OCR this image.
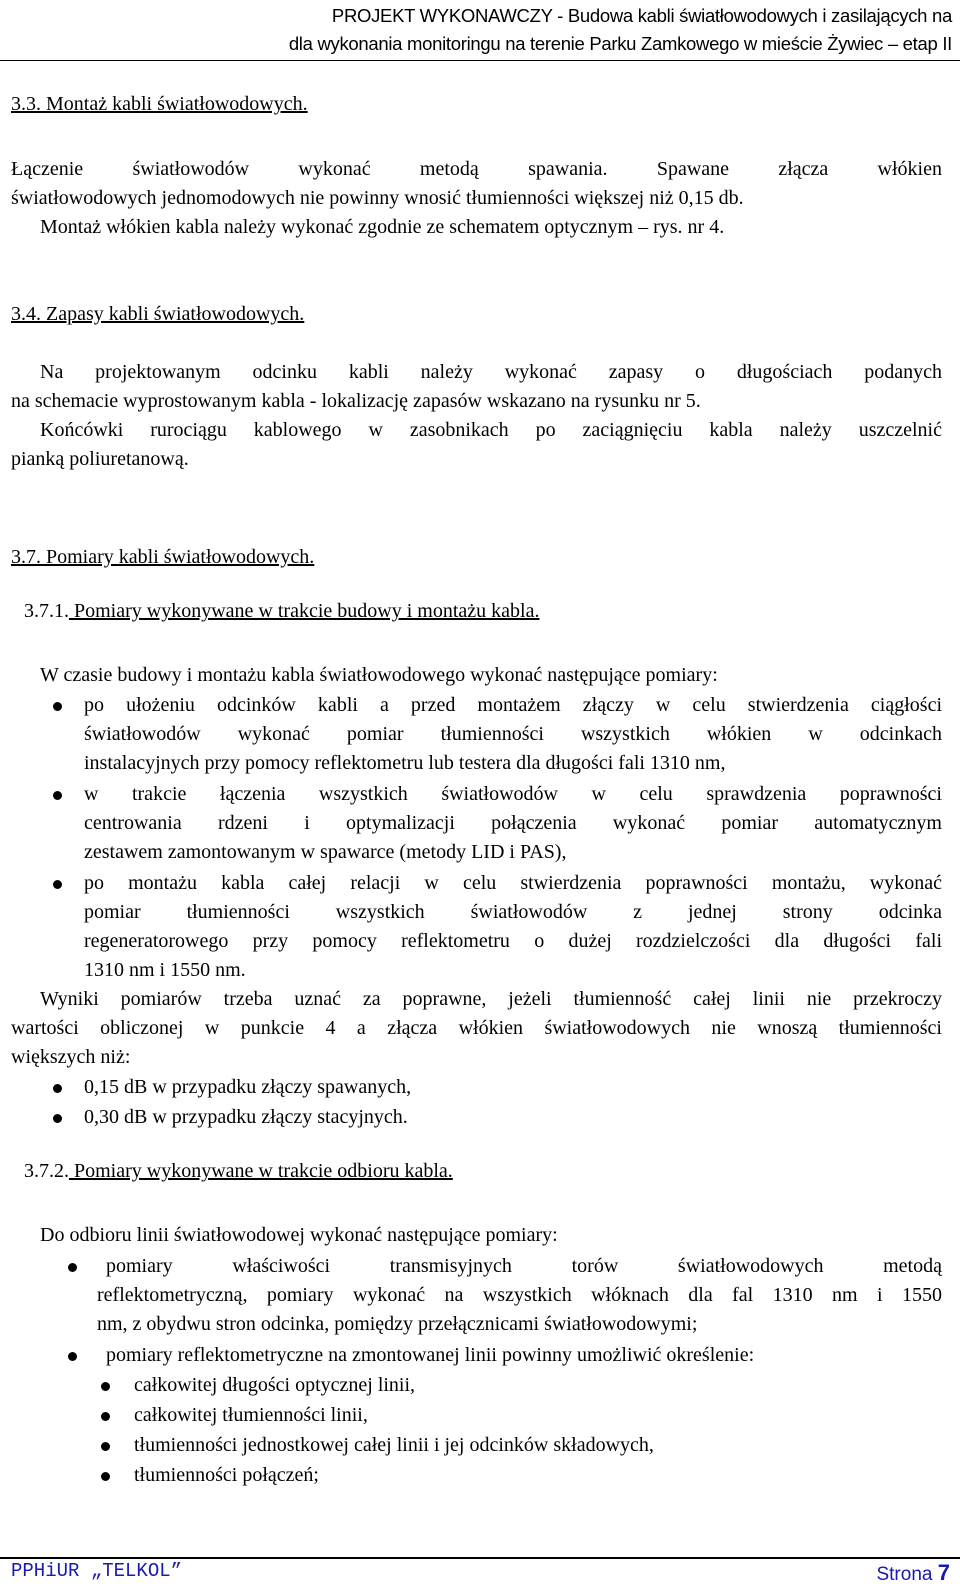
PROJEKT WYKONAWCZY - Budowa kabli światłowodowych i zasilających na
dla wykonania monitoringu na terenie Parku Zamkowego w mieście Żywiec – etap II
3.3. Montaż kabli światłowodowych.
Łączenie światłowodów wykonać metodą spawania. Spawane złącza włókien
światłowodowych jednomodowych nie powinny wnosić tłumienności większej niż 0,15 db.
Montaż włókien kabla należy wykonać zgodnie ze schematem optycznym – rys. nr 4.
3.4. Zapasy kabli światłowodowych.
Na projektowanym odcinku kabli należy wykonać zapasy o długościach podanych
na schemacie wyprostowanym kabla - lokalizację zapasów wskazano na rysunku nr 5.
Końcówki rurociągu kablowego w zasobnikach po zaciągnięciu kabla należy uszczelnić
pianką poliuretanową.
3.7. Pomiary kabli światłowodowych.
3.7.1. Pomiary wykonywane w trakcie budowy i montażu kabla.
W czasie budowy i montażu kabla światłowodowego wykonać następujące pomiary:
po ułożeniu odcinków kabli a przed montażem złączy w celu stwierdzenia ciągłości
światłowodów wykonać pomiar tłumienności wszystkich włókien w odcinkach
instalacyjnych przy pomocy reflektometru lub testera dla długości fali 1310 nm,
w trakcie łączenia wszystkich światłowodów w celu sprawdzenia poprawności
centrowania rdzeni i optymalizacji połączenia wykonać pomiar automatycznym
zestawem zamontowanym w spawarce (metody LID i PAS),
po montażu kabla całej relacji w celu stwierdzenia poprawności montażu, wykonać
pomiar tłumienności wszystkich światłowodów z jednej strony odcinka
regeneratorowego przy pomocy reflektometru o dużej rozdzielczości dla długości fali
1310 nm i 1550 nm.
Wyniki pomiarów trzeba uznać za poprawne, jeżeli tłumienność całej linii nie przekroczy
wartości obliczonej w punkcie 4 a złącza włókien światłowodowych nie wnoszą tłumienności
większych niż:
0,15 dB w przypadku złączy spawanych,
0,30 dB w przypadku złączy stacyjnych.
3.7.2. Pomiary wykonywane w trakcie odbioru kabla.
Do odbioru linii światłowodowej wykonać następujące pomiary:
pomiary właściwości transmisyjnych torów światłowodowych metodą
reflektometryczną, pomiary wykonać na wszystkich włóknach dla fal 1310 nm i 1550
nm, z obydwu stron odcinka, pomiędzy przełącznicami światłowodowymi;
pomiary reflektometryczne na zmontowanej linii powinny umożliwić określenie:
całkowitej długości optycznej linii,
całkowitej tłumienności linii,
tłumienności jednostkowej całej linii i jej odcinków składowych,
tłumienności połączeń;
PPHiUR „TELKOL”	Strona 7
